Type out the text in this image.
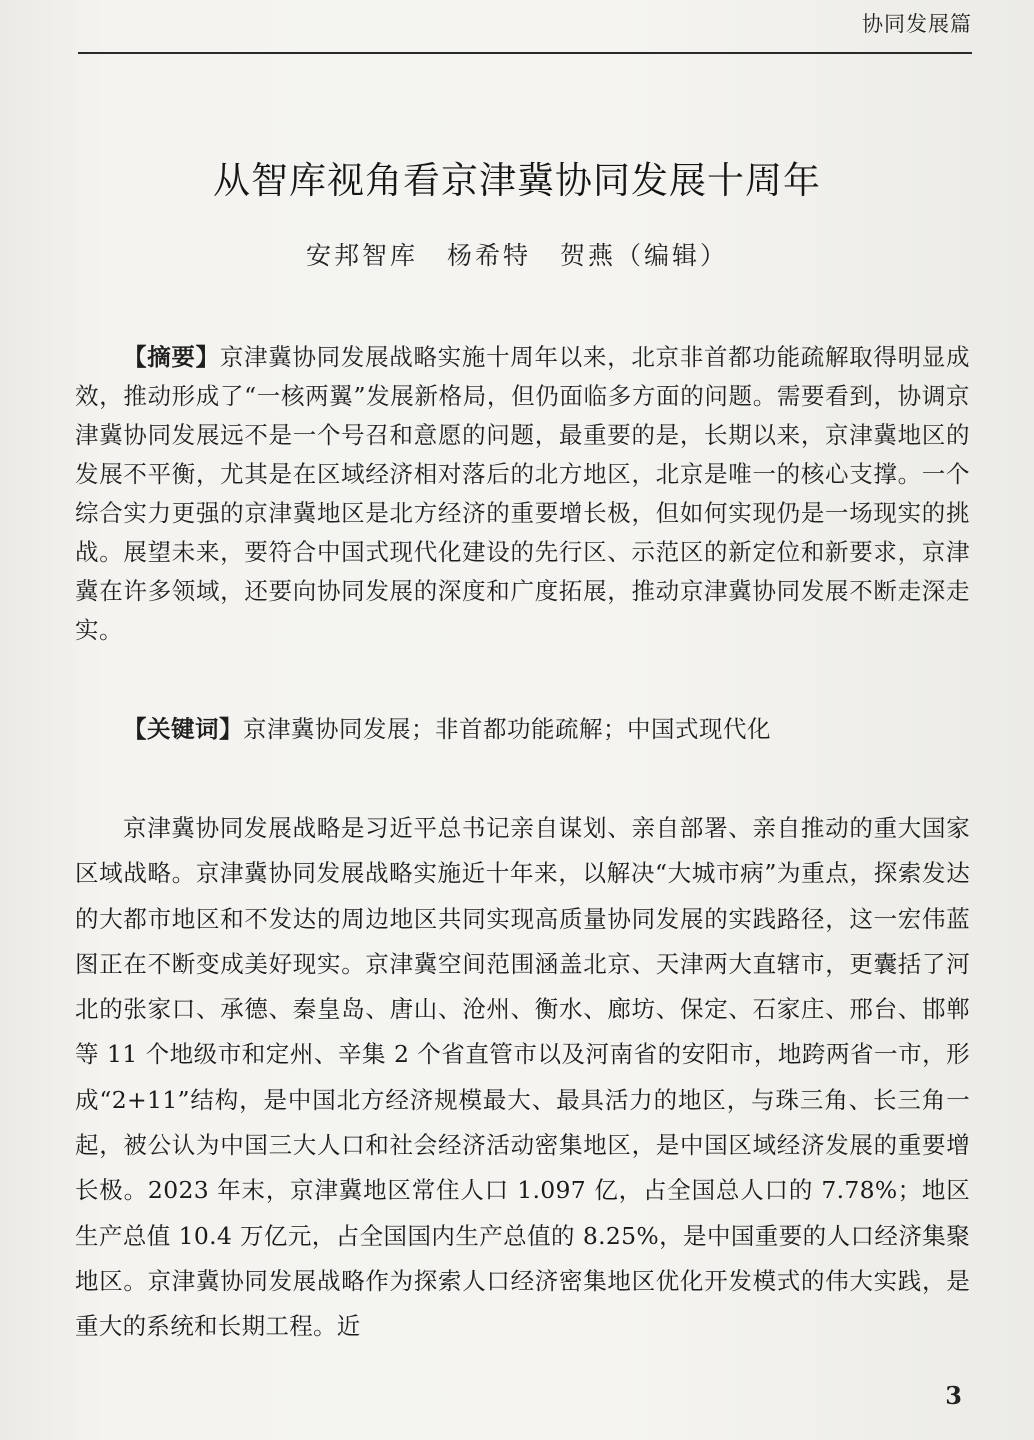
协同发展篇
从智库视角看京津冀协同发展十周年
安邦智库 杨希特 贺燕（编辑）

【摘要】京津冀协同发展战略实施十周年以来，北京非首都功能疏解取得明显成效，推动形成了“一核两翼”发展新格局，但仍面临多方面的问题。需要看到，协调京津冀协同发展远不是一个号召和意愿的问题，最重要的是，长期以来，京津冀地区的发展不平衡，尤其是在区域经济相对落后的北方地区，北京是唯一的核心支撑。一个综合实力更强的京津冀地区是北方经济的重要增长极，但如何实现仍是一场现实的挑战。展望未来，要符合中国式现代化建设的先行区、示范区的新定位和新要求，京津冀在许多领域，还要向协同发展的深度和广度拓展，推动京津冀协同发展不断走深走实。

【关键词】京津冀协同发展；非首都功能疏解；中国式现代化

京津冀协同发展战略是习近平总书记亲自谋划、亲自部署、亲自推动的重大国家区域战略。京津冀协同发展战略实施近十年来，以解决“大城市病”为重点，探索发达的大都市地区和不发达的周边地区共同实现高质量协同发展的实践路径，这一宏伟蓝图正在不断变成美好现实。京津冀空间范围涵盖北京、天津两大直辖市，更囊括了河北的张家口、承德、秦皇岛、唐山、沧州、衡水、廊坊、保定、石家庄、邢台、邯郸等 11 个地级市和定州、辛集 2 个省直管市以及河南省的安阳市，地跨两省一市，形成“2+11”结构，是中国北方经济规模最大、最具活力的地区，与珠三角、长三角一起，被公认为中国三大人口和社会经济活动密集地区，是中国区域经济发展的重要增长极。2023 年末，京津冀地区常住人口 1.097 亿，占全国总人口的 7.78%；地区生产总值 10.4 万亿元，占全国国内生产总值的 8.25%，是中国重要的人口经济集聚地区。京津冀协同发展战略作为探索人口经济密集地区优化开发模式的伟大实践，是重大的系统和长期工程。近

3
